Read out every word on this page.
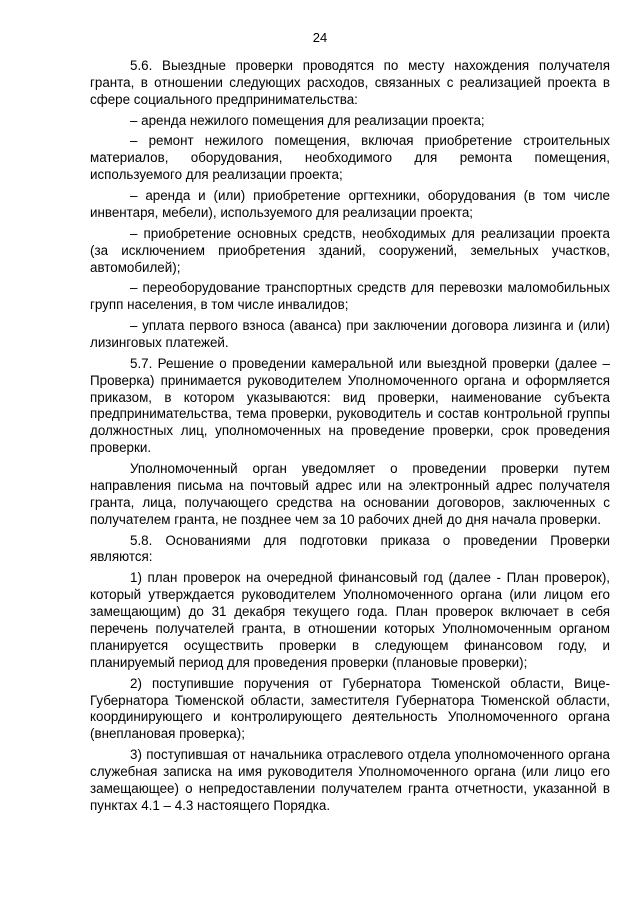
24

5.6. Выездные проверки проводятся по месту нахождения получателя гранта, в отношении следующих расходов, связанных с реализацией проекта в сфере социального предпринимательства:

– аренда нежилого помещения для реализации проекта;

– ремонт нежилого помещения, включая приобретение строительных материалов, оборудования, необходимого для ремонта помещения, используемого для реализации проекта;

– аренда и (или) приобретение оргтехники, оборудования (в том числе инвентаря, мебели), используемого для реализации проекта;

– приобретение основных средств, необходимых для реализации проекта (за исключением приобретения зданий, сооружений, земельных участков, автомобилей);

– переоборудование транспортных средств для перевозки маломобильных групп населения, в том числе инвалидов;

– уплата первого взноса (аванса) при заключении договора лизинга и (или) лизинговых платежей.

5.7. Решение о проведении камеральной или выездной проверки (далее – Проверка) принимается руководителем Уполномоченного органа и оформляется приказом, в котором указываются: вид проверки, наименование субъекта предпринимательства, тема проверки, руководитель и состав контрольной группы должностных лиц, уполномоченных на проведение проверки, срок проведения проверки.

Уполномоченный орган уведомляет о проведении проверки путем направления письма на почтовый адрес или на электронный адрес получателя гранта, лица, получающего средства на основании договоров, заключенных с получателем гранта, не позднее чем за 10 рабочих дней до дня начала проверки.

5.8. Основаниями для подготовки приказа о проведении Проверки являются:

1) план проверок на очередной финансовый год (далее - План проверок), который утверждается руководителем Уполномоченного органа (или лицом его замещающим) до 31 декабря текущего года. План проверок включает в себя перечень получателей гранта, в отношении которых Уполномоченным органом планируется осуществить проверки в следующем финансовом году, и планируемый период для проведения проверки (плановые проверки);

2) поступившие поручения от Губернатора Тюменской области, Вице-Губернатора Тюменской области, заместителя Губернатора Тюменской области, координирующего и контролирующего деятельность Уполномоченного органа (внеплановая проверка);

3) поступившая от начальника отраслевого отдела уполномоченного органа служебная записка на имя руководителя Уполномоченного органа (или лицо его замещающее) о непредоставлении получателем гранта отчетности, указанной в пунктах 4.1 – 4.3 настоящего Порядка.
